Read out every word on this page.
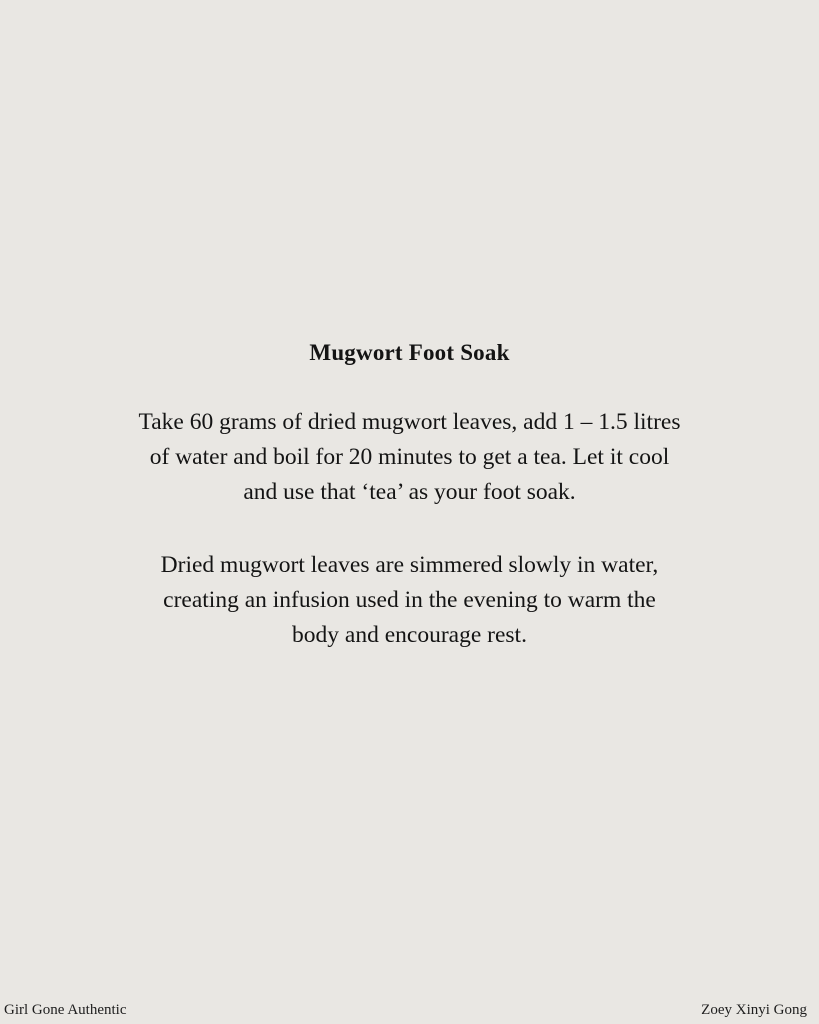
Mugwort Foot Soak
Take 60 grams of dried mugwort leaves, add 1 – 1.5 litres
of water and boil for 20 minutes to get a tea. Let it cool
and use that ‘tea’ as your foot soak.
Dried mugwort leaves are simmered slowly in water,
creating an infusion used in the evening to warm the
body and encourage rest.
Girl Gone Authentic	Zoey Xinyi Gong
